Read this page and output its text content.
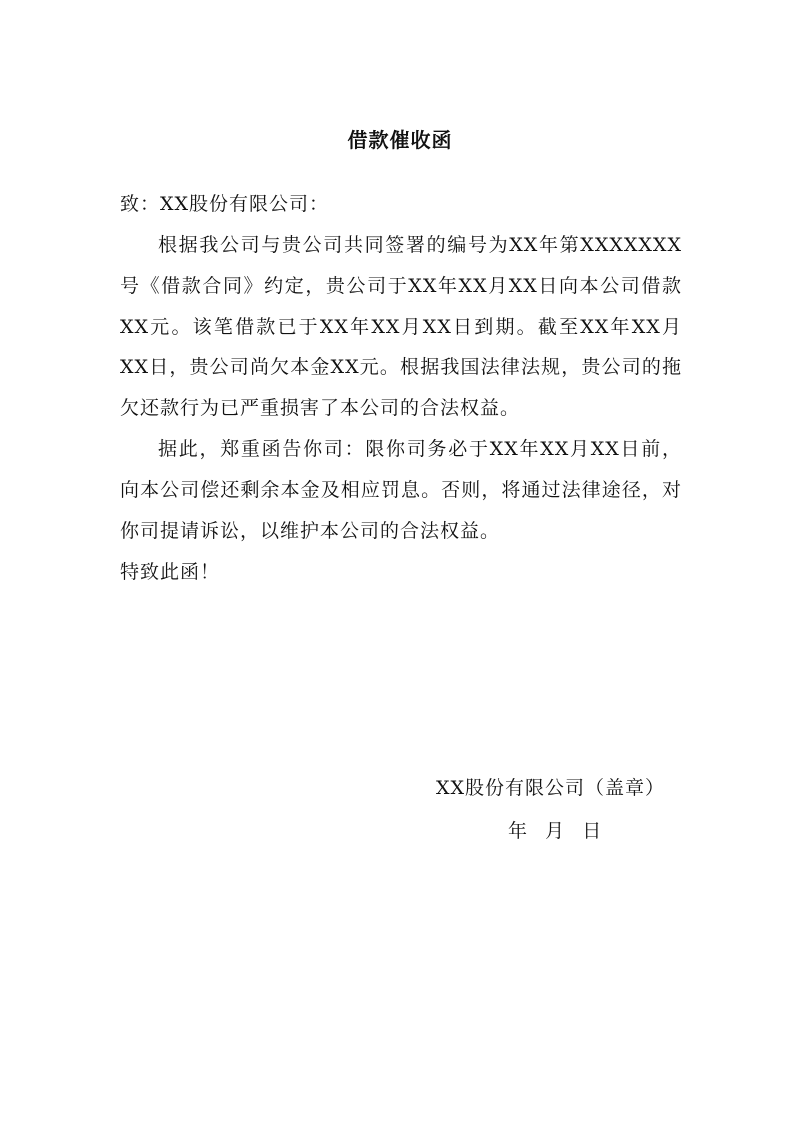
借款催收函
致：XX股份有限公司：
根据我公司与贵公司共同签署的编号为XX年第XXXXXXX号《借款合同》约定，贵公司于XX年XX月XX日向本公司借款XX元。该笔借款已于XX年XX月XX日到期。截至XX年XX月XX日，贵公司尚欠本金XX元。根据我国法律法规，贵公司的拖欠还款行为已严重损害了本公司的合法权益。
据此，郑重函告你司：限你司务必于XX年XX月XX日前，向本公司偿还剩余本金及相应罚息。否则，将通过法律途径，对你司提请诉讼，以维护本公司的合法权益。
特致此函！
XX股份有限公司（盖章）
年   月   日
